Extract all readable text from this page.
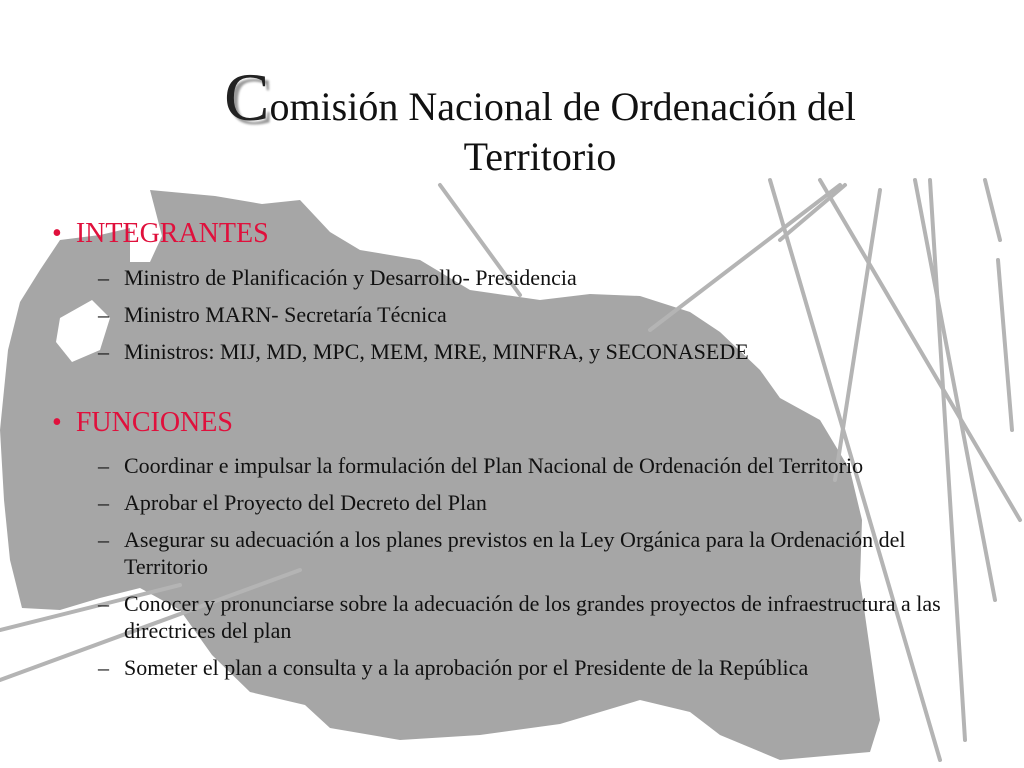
Comisión Nacional de Ordenación del
Territorio
• INTEGRANTES
– Ministro de Planificación y Desarrollo- Presidencia
– Ministro MARN- Secretaría Técnica
– Ministros: MIJ, MD, MPC, MEM, MRE, MINFRA, y SECONASEDE
• FUNCIONES
– Coordinar e impulsar la formulación del Plan Nacional de Ordenación del Territorio
– Aprobar el Proyecto del Decreto del Plan
– Asegurar su adecuación a los planes previstos en la Ley Orgánica para la Ordenación del Territorio
– Conocer y pronunciarse sobre la adecuación de los grandes proyectos de infraestructura a las directrices del plan
– Someter el plan a consulta y a la aprobación por el Presidente de la República
